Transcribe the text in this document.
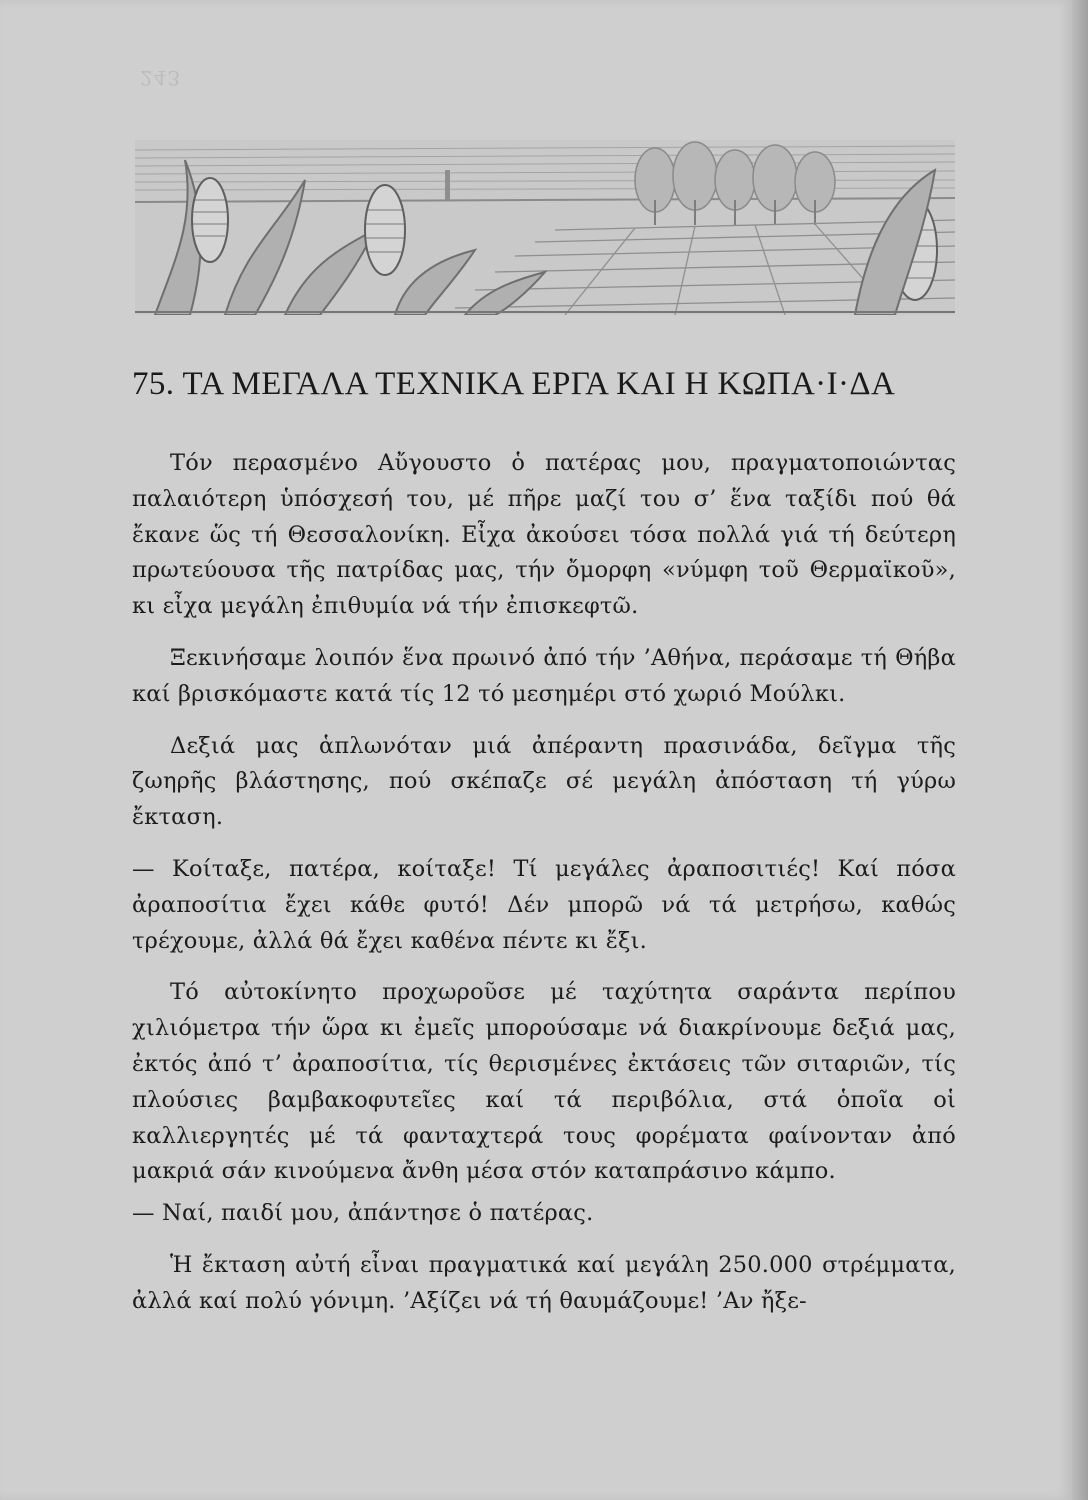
243
75. ΤΑ ΜΕΓΑΛΑ ΤΕΧΝΙΚΑ ΕΡΓΑ ΚΑΙ Η ΚΩΠΑ·Ι·ΔΑ

Τόν περασμένο Αὔγουστο ὁ πατέρας μου, πραγματοποιώντας παλαιότερη ὑπόσχεσή του, μέ πῆρε μαζί του σ’ ἕνα ταξίδι πού θά ἔκανε ὥς τή Θεσσαλονίκη. Εἶχα ἀκούσει τόσα πολλά γιά τή δεύτερη πρωτεύουσα τῆς πατρίδας μας, τήν ὄμορφη «νύμφη τοῦ Θερμαϊκοῦ», κι εἶχα μεγάλη ἐπιθυμία νά τήν ἐπισκεφτῶ.

Ξεκινήσαμε λοιπόν ἕνα πρωινό ἀπό τήν ’Αθήνα, περάσαμε τή Θήβα καί βρισκόμαστε κατά τίς 12 τό μεσημέρι στό χωριό Μούλκι.

Δεξιά μας ἁπλωνόταν μιά ἀπέραντη πρασινάδα, δεῖγμα τῆς ζωηρῆς βλάστησης, πού σκέπαζε σέ μεγάλη ἀπόσταση τή γύρω ἔκταση.

— Κοίταξε, πατέρα, κοίταξε! Τί μεγάλες ἀραποσιτιές! Καί πόσα ἀραποσίτια ἔχει κάθε φυτό! Δέν μπορῶ νά τά μετρήσω, καθώς τρέχουμε, ἀλλά θά ἔχει καθένα πέντε κι ἔξι.

Τό αὐτοκίνητο προχωροῦσε μέ ταχύτητα σαράντα περίπου χιλιόμετρα τήν ὥρα κι ἐμεῖς μπορούσαμε νά διακρίνουμε δεξιά μας, ἐκτός ἀπό τ’ ἀραποσίτια, τίς θερισμένες ἐκτάσεις τῶν σιταριῶν, τίς πλούσιες βαμβακοφυτεῖες καί τά περιβόλια, στά ὁποῖα οἱ καλλιεργητές μέ τά φανταχτερά τους φορέματα φαίνονταν ἀπό μακριά σάν κινούμενα ἄνθη μέσα στόν καταπράσινο κάμπο.

— Ναί, παιδί μου, ἀπάντησε ὁ πατέρας.

Ἡ ἔκταση αὐτή εἶναι πραγματικά καί μεγάλη 250.000 στρέμματα, ἀλλά καί πολύ γόνιμη. ’Αξίζει νά τή θαυμάζουμε! ’Αν ἤξε-
